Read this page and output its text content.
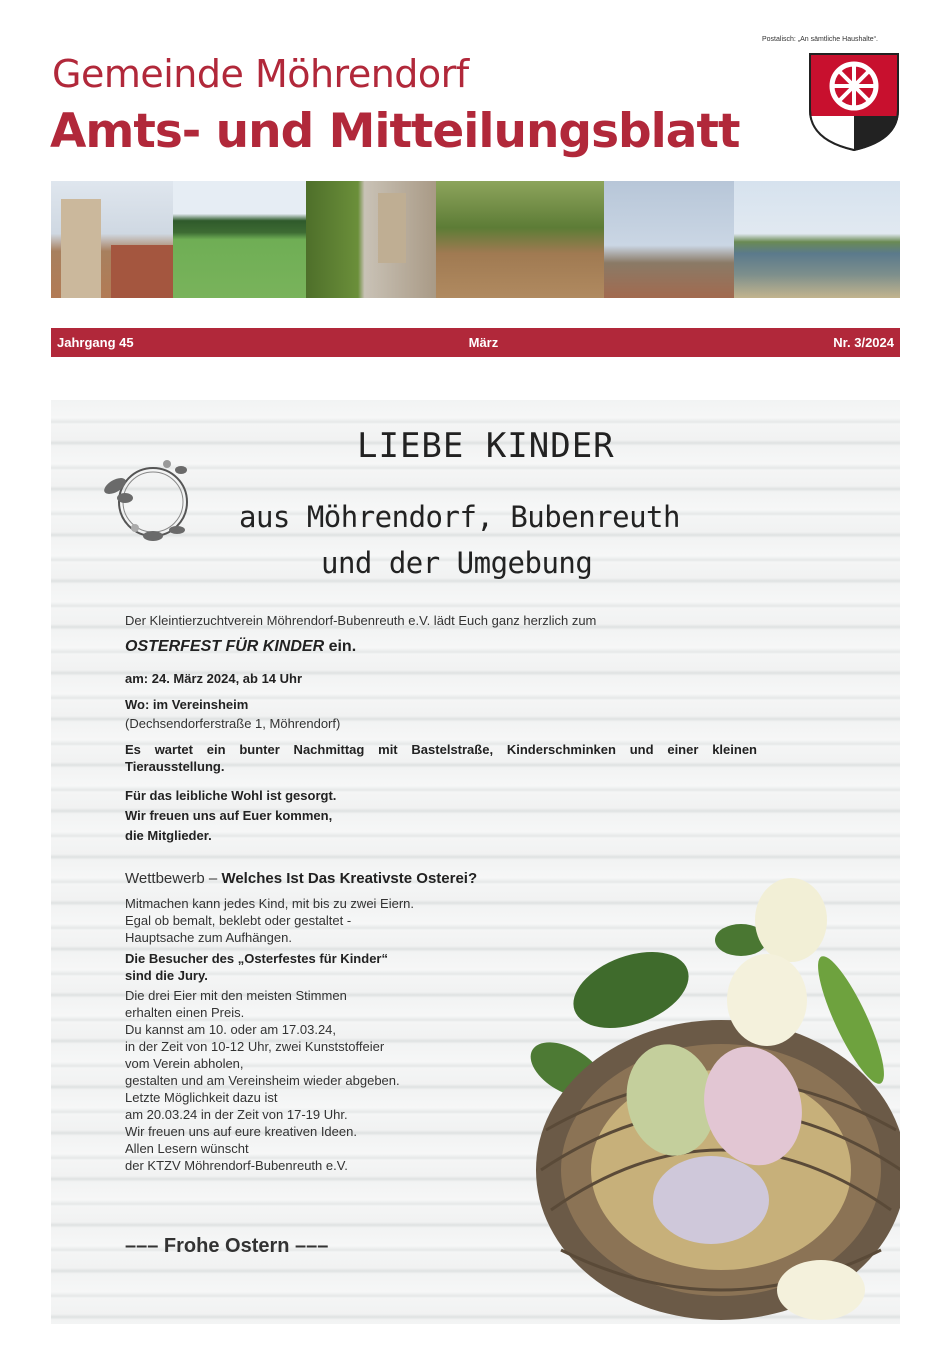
Postalisch: „An sämtliche Haushalte“.
Gemeinde Möhrendorf
Amts- und Mitteilungsblatt
Jahrgang 45	März	Nr. 3/2024
LIEBE KINDER
aus Möhrendorf, Bubenreuth
und der Umgebung
Der Kleintierzuchtverein Möhrendorf-Bubenreuth e.V. lädt Euch ganz herzlich zum
OSTERFEST FÜR KINDER ein.
am: 24. März 2024, ab 14 Uhr
Wo: im Vereinsheim
(Dechsendorferstraße 1, Möhrendorf)
Es wartet ein bunter Nachmittag mit Bastelstraße, Kinderschminken und einer kleinen Tierausstellung.
Für das leibliche Wohl ist gesorgt.
Wir freuen uns auf Euer kommen,
die Mitglieder.
Wettbewerb – Welches Ist Das Kreativste Osterei?
Mitmachen kann jedes Kind, mit bis zu zwei Eiern.
Egal ob bemalt, beklebt oder gestaltet -
Hauptsache zum Aufhängen.
Die Besucher des „Osterfestes für Kinder“
sind die Jury.
Die drei Eier mit den meisten Stimmen
erhalten einen Preis.
Du kannst am 10. oder am 17.03.24,
in der Zeit von 10-12 Uhr, zwei Kunststoffeier
vom Verein abholen,
gestalten und am Vereinsheim wieder abgeben.
Letzte Möglichkeit dazu ist
am 20.03.24 in der Zeit von 17-19 Uhr.
Wir freuen uns auf eure kreativen Ideen.
Allen Lesern wünscht
der KTZV Möhrendorf-Bubenreuth e.V.
––– Frohe Ostern –––
